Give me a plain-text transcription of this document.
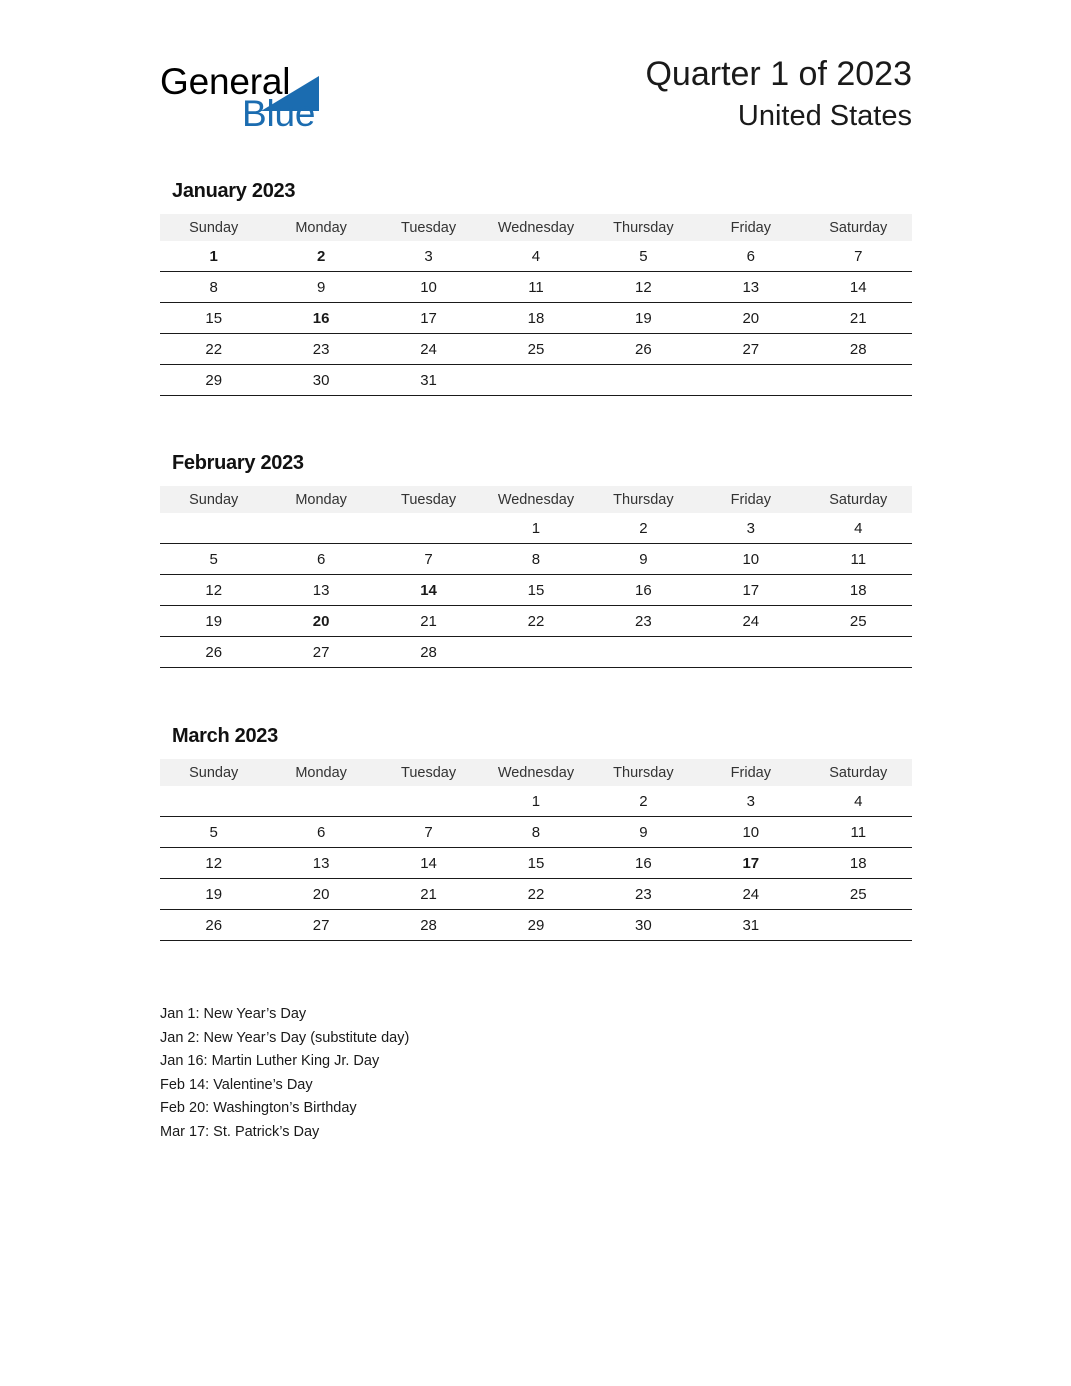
General
Blue
Quarter 1 of 2023
United States
January 2023
Sunday	Monday	Tuesday	Wednesday	Thursday	Friday	Saturday
1	2	3	4	5	6	7
8	9	10	11	12	13	14
15	16	17	18	19	20	21
22	23	24	25	26	27	28
29	30	31				
February 2023
Sunday	Monday	Tuesday	Wednesday	Thursday	Friday	Saturday
			1	2	3	4
5	6	7	8	9	10	11
12	13	14	15	16	17	18
19	20	21	22	23	24	25
26	27	28				
March 2023
Sunday	Monday	Tuesday	Wednesday	Thursday	Friday	Saturday
			1	2	3	4
5	6	7	8	9	10	11
12	13	14	15	16	17	18
19	20	21	22	23	24	25
26	27	28	29	30	31	
Jan 1: New Year’s Day
Jan 2: New Year’s Day (substitute day)
Jan 16: Martin Luther King Jr. Day
Feb 14: Valentine’s Day
Feb 20: Washington’s Birthday
Mar 17: St. Patrick’s Day
